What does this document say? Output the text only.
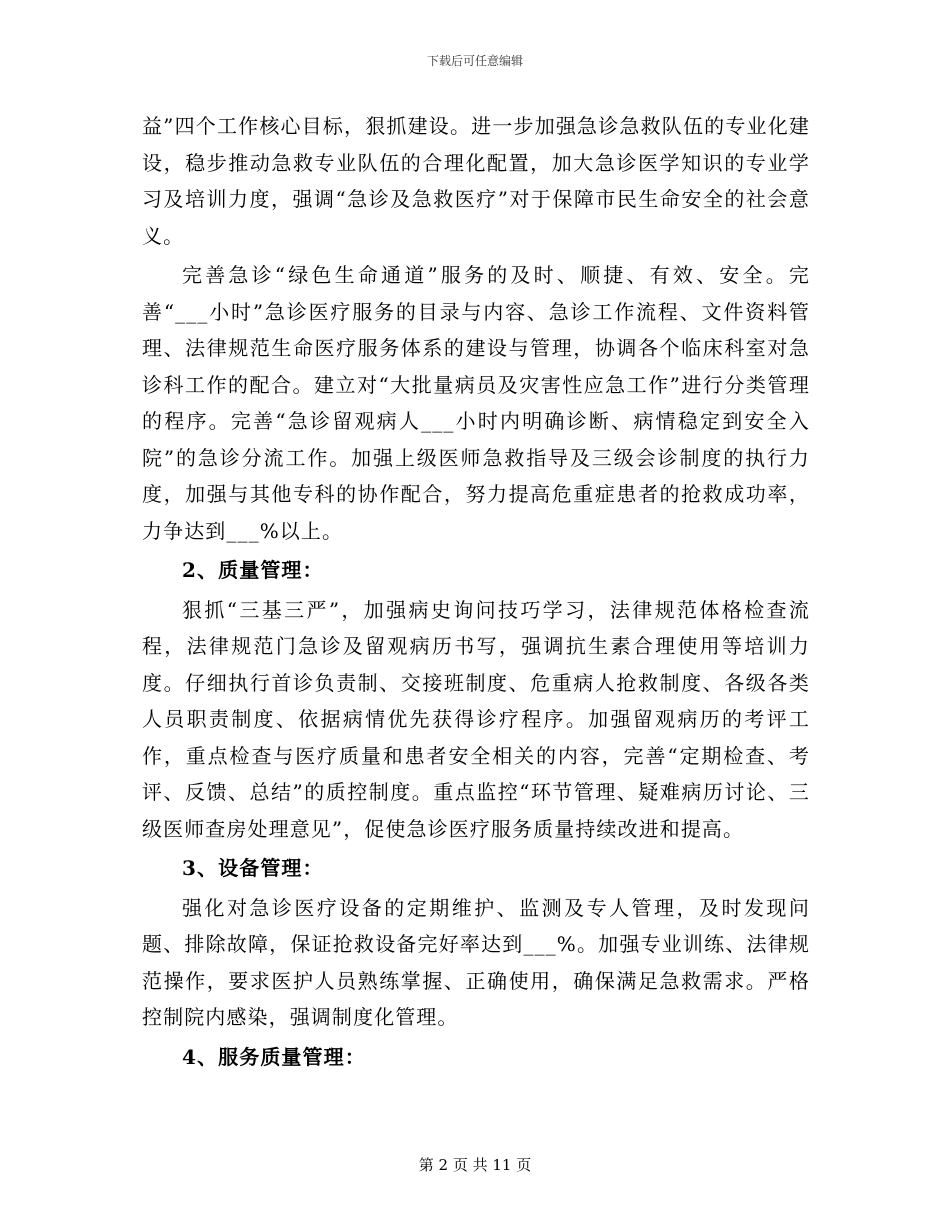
下载后可任意编辑

益”四个工作核心目标，狠抓建设。进一步加强急诊急救队伍的专业化建设，稳步推动急救专业队伍的合理化配置，加大急诊医学知识的专业学习及培训力度，强调“急诊及急救医疗”对于保障市民生命安全的社会意义。

完善急诊“绿色生命通道”服务的及时、顺捷、有效、安全。完善“___小时”急诊医疗服务的目录与内容、急诊工作流程、文件资料管理、法律规范生命医疗服务体系的建设与管理，协调各个临床科室对急诊科工作的配合。建立对“大批量病员及灾害性应急工作”进行分类管理的程序。完善“急诊留观病人___小时内明确诊断、病情稳定到安全入院”的急诊分流工作。加强上级医师急救指导及三级会诊制度的执行力度，加强与其他专科的协作配合，努力提高危重症患者的抢救成功率，力争达到___%以上。

2、质量管理：

狠抓“三基三严”，加强病史询问技巧学习，法律规范体格检查流程，法律规范门急诊及留观病历书写，强调抗生素合理使用等培训力度。仔细执行首诊负责制、交接班制度、危重病人抢救制度、各级各类人员职责制度、依据病情优先获得诊疗程序。加强留观病历的考评工作，重点检查与医疗质量和患者安全相关的内容，完善“定期检查、考评、反馈、总结”的质控制度。重点监控“环节管理、疑难病历讨论、三级医师查房处理意见”，促使急诊医疗服务质量持续改进和提高。

3、设备管理：

强化对急诊医疗设备的定期维护、监测及专人管理，及时发现问题、排除故障，保证抢救设备完好率达到___%。加强专业训练、法律规范操作，要求医护人员熟练掌握、正确使用，确保满足急救需求。严格控制院内感染，强调制度化管理。

4、服务质量管理：
第 2 页 共 11 页
